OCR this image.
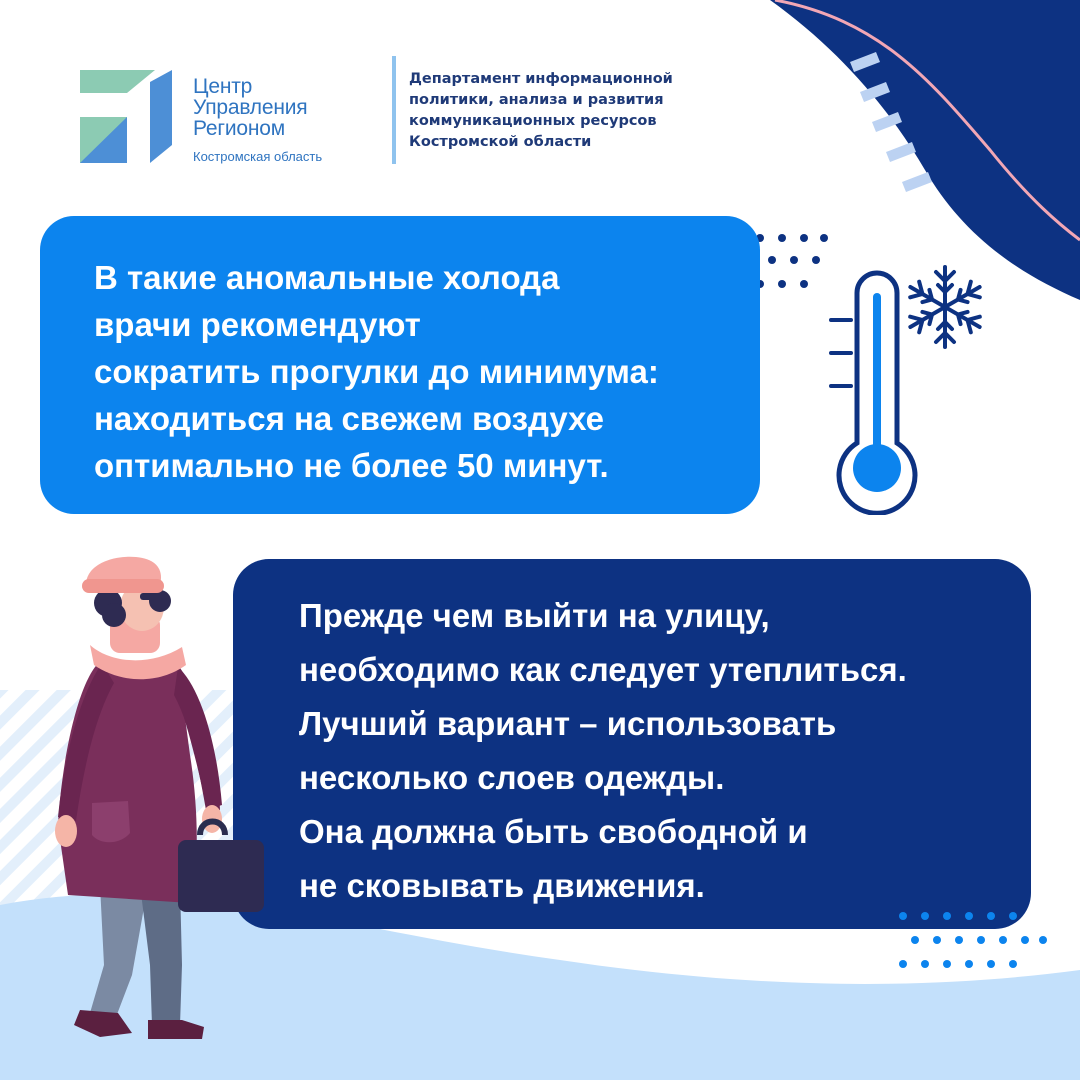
Центр
Управления
Регионом
Костромская область
Департамент информационной
политики, анализа и развития
коммуникационных ресурсов
Костромской области

В такие аномальные холода
врачи рекомендуют
сократить прогулки до минимума:
находиться на свежем воздухе
оптимально не более 50 минут.

Прежде чем выйти на улицу,
необходимо как следует утеплиться.
Лучший вариант – использовать
несколько слоев одежды.
Она должна быть свободной и
не сковывать движения.
